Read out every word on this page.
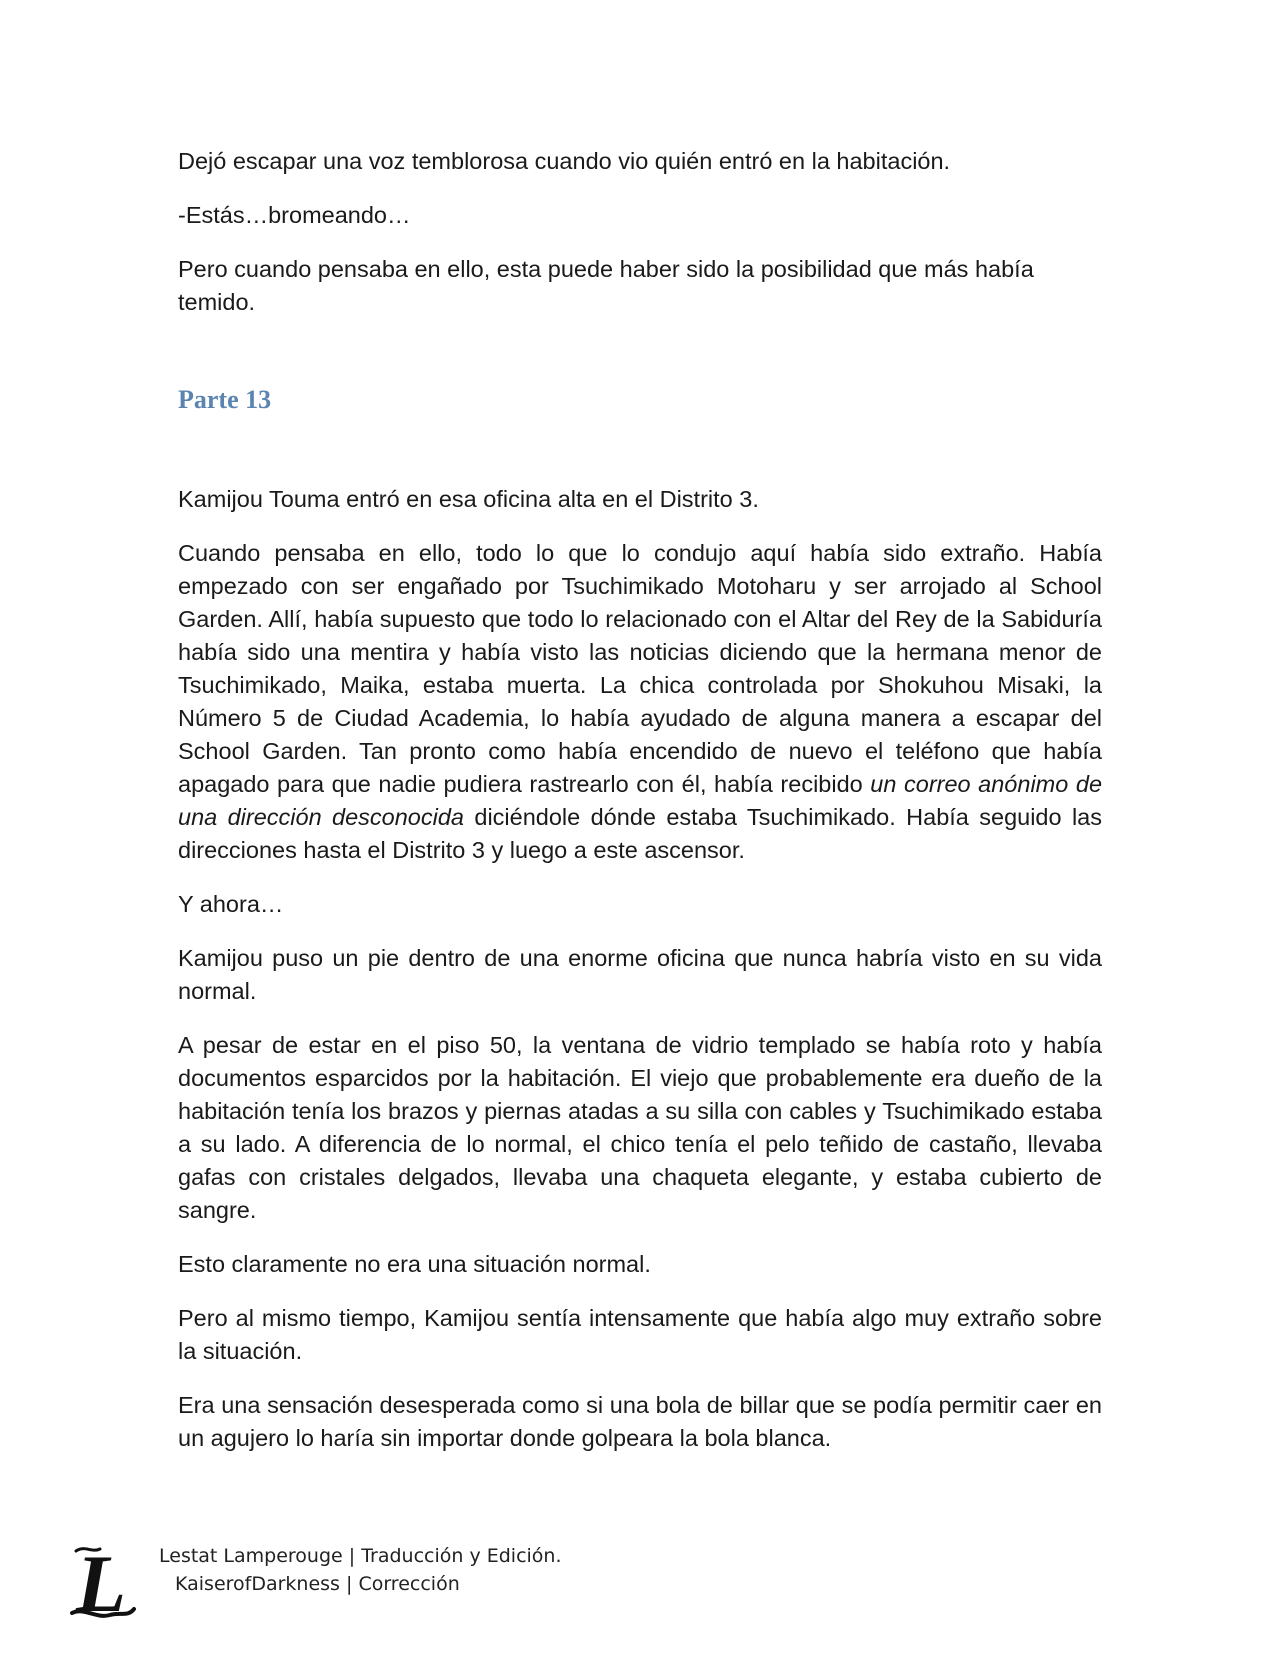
Dejó escapar una voz temblorosa cuando vio quién entró en la habitación.

-Estás…bromeando…

Pero cuando pensaba en ello, esta puede haber sido la posibilidad que más había temido.

Parte 13

Kamijou Touma entró en esa oficina alta en el Distrito 3.

Cuando pensaba en ello, todo lo que lo condujo aquí había sido extraño. Había empezado con ser engañado por Tsuchimikado Motoharu y ser arrojado al School Garden. Allí, había supuesto que todo lo relacionado con el Altar del Rey de la Sabiduría había sido una mentira y había visto las noticias diciendo que la hermana menor de Tsuchimikado, Maika, estaba muerta. La chica controlada por Shokuhou Misaki, la Número 5 de Ciudad Academia, lo había ayudado de alguna manera a escapar del School Garden. Tan pronto como había encendido de nuevo el teléfono que había apagado para que nadie pudiera rastrearlo con él, había recibido un correo anónimo de una dirección desconocida diciéndole dónde estaba Tsuchimikado. Había seguido las direcciones hasta el Distrito 3 y luego a este ascensor.

Y ahora…

Kamijou puso un pie dentro de una enorme oficina que nunca habría visto en su vida normal.

A pesar de estar en el piso 50, la ventana de vidrio templado se había roto y había documentos esparcidos por la habitación. El viejo que probablemente era dueño de la habitación tenía los brazos y piernas atadas a su silla con cables y Tsuchimikado estaba a su lado. A diferencia de lo normal, el chico tenía el pelo teñido de castaño, llevaba gafas con cristales delgados, llevaba una chaqueta elegante, y estaba cubierto de sangre.

Esto claramente no era una situación normal.

Pero al mismo tiempo, Kamijou sentía intensamente que había algo muy extraño sobre la situación.

Era una sensación desesperada como si una bola de billar que se podía permitir caer en un agujero lo haría sin importar donde golpeara la bola blanca.

L Lestat Lamperouge | Traducción y Edición.
KaiserofDarkness | Corrección
